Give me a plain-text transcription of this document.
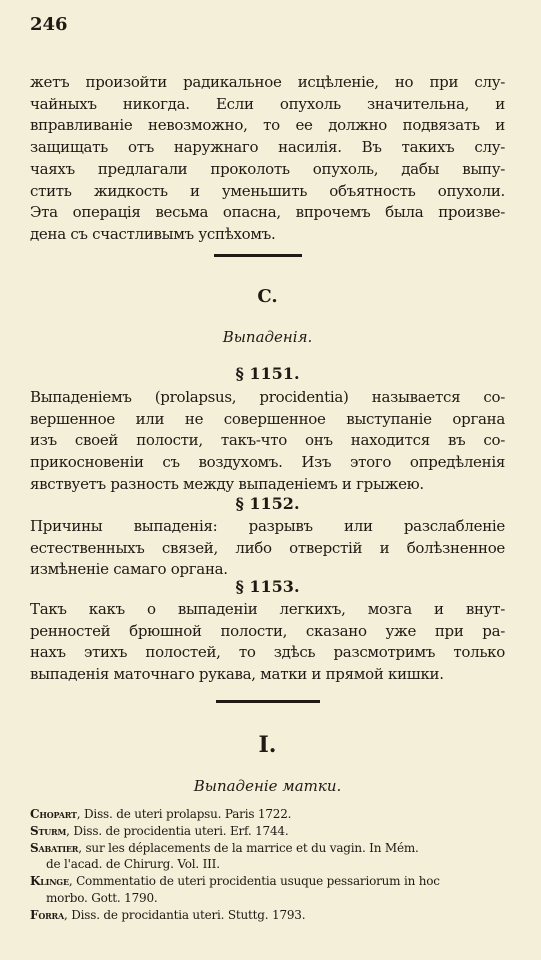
246
жетъ произойти радикальное исцѣленіе, но при слу-
чайныхъ никогда. Если опухоль значительна, и
вправливаніе невозможно, то ее должно подвязать и
защищать отъ наружнаго насилія. Въ такихъ слу-
чаяхъ предлагали проколоть опухоль, дабы выпу-
стить жидкость и уменьшить объятность опухоли.
Эта операція весьма опасна, впрочемъ была произве-
дена съ счастливымъ успѣхомъ.
C.
Выпаденія.
§ 1151.
Выпаденіемъ (prolapsus, procidentia) называется со-
вершенное или не совершенное выступаніе органа
изъ своей полости, такъ-что онъ находится въ со-
прикосновеніи съ воздухомъ. Изъ этого опредѣленія
явствуетъ разность между выпаденіемъ и грыжею.
§ 1152.
Причины выпаденія: разрывъ или разслабленіе
естественныхъ связей, либо отверстій и болѣзненное
измѣненіе самаго органа.
§ 1153.
Такъ какъ о выпаденіи легкихъ, мозга и внут-
ренностей брюшной полости, сказано уже при ра-
нахъ этихъ полостей, то здѣсь разсмотримъ только
выпаденія маточнаго рукава, матки и прямой кишки.
I.
Выпаденіе матки.
Chopart, Diss. de uteri prolapsu. Paris 1722.
Sturm, Diss. de procidentia uteri. Erf. 1744.
Sabatier, sur les déplacements de la marrice et du vagin. In Mém.
de l'acad. de Chirurg. Vol. III.
Klinge, Commentatio de uteri procidentia usuque pessariorum in hoc
morbo. Gott. 1790.
Forra, Diss. de procidantia uteri. Stuttg. 1793.
